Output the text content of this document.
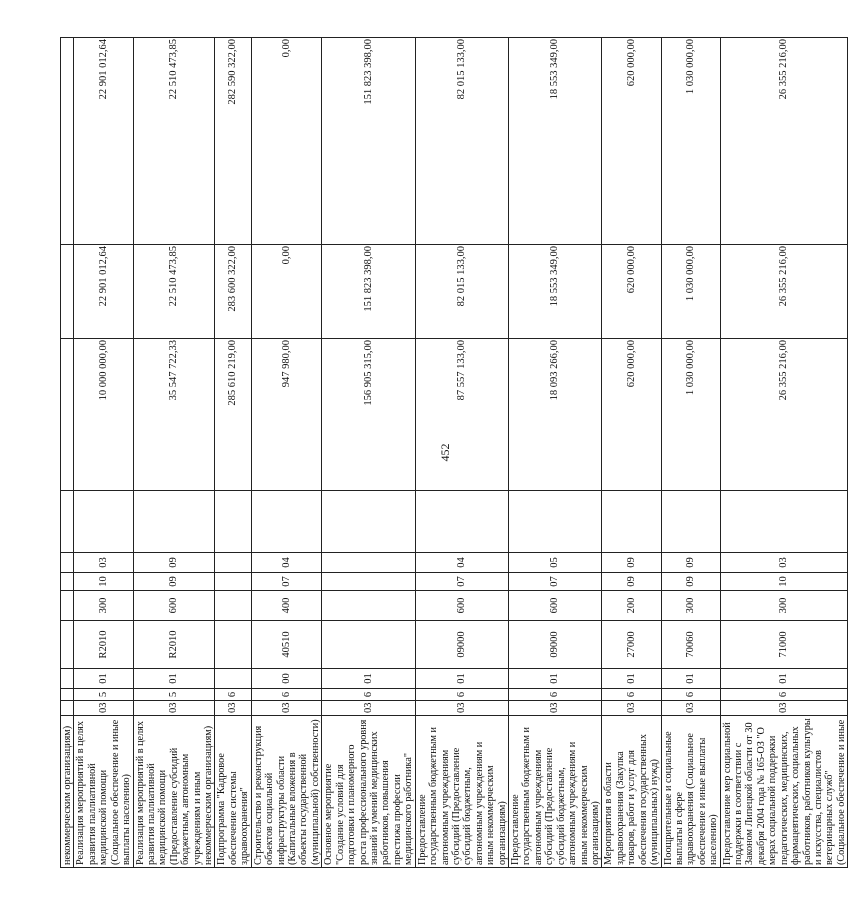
452
некоммерческим организациям)											
Реализация мероприятий в целях развития паллиативной медицинской помощи (Социальное обеспечение и иные выплаты населению)	03	5	01	R2010	300	10	03		10 000 000,00	22 901 012,64	22 901 012,64
Реализация мероприятий в целях развития паллиативной медицинской помощи (Предоставление субсидий бюджетным, автономным учреждениям и иным некоммерческим организациям)	03	5	01	R2010	600	09	09		35 547 722,33	22 510 473,85	22 510 473,85
Подпрограмма "Кадровое обеспечение системы здравоохранения"	03	6							285 610 219,00	283 600 322,00	282 590 322,00
Строительство и реконструкция объектов социальной инфраструктуры области (Капитальные вложения в объекты государственной (муниципальной) собственности)	03	6	00	40510	400	07	04		947 980,00	0,00	0,00
Основное мероприятие "Создание условий для подготовки и планомерного роста профессионального уровня знаний и умений медицинских работников, повышения престижа профессии медицинского работника"	03	6	01						156 905 315,00	151 823 398,00	151 823 398,00
Предоставление государственным бюджетным и автономным учреждениям субсидий (Предоставление субсидий бюджетным, автономным учреждениям и иным некоммерческим организациям)	03	6	01	09000	600	07	04		87 557 133,00	82 015 133,00	82 015 133,00
Предоставление государственным бюджетным и автономным учреждениям субсидий (Предоставление субсидий бюджетным, автономным учреждениям и иным некоммерческим организациям)	03	6	01	09000	600	07	05		18 093 266,00	18 553 349,00	18 553 349,00
Мероприятия в области здравоохранения (Закупка товаров, работ и услуг для обеспечения государственных (муниципальных) нужд)	03	6	01	27000	200	09	09		620 000,00	620 000,00	620 000,00
Поощрительные и социальные выплаты в сфере здравоохранения (Социальное обеспечение и иные выплаты населению)	03	6	01	70060	300	09	09		1 030 000,00	1 030 000,00	1 030 000,00
Предоставление мер социальной поддержки в соответствии с Законом Липецкой области от 30 декабря 2004 года № 165-ОЗ "О мерах социальной поддержки педагогических, медицинских, фармацевтических, социальных работников, работников культуры и искусства, специалистов ветеринарных служб" (Социальное обеспечение и иные	03	6	01	71000	300	10	03		26 355 216,00	26 355 216,00	26 355 216,00
